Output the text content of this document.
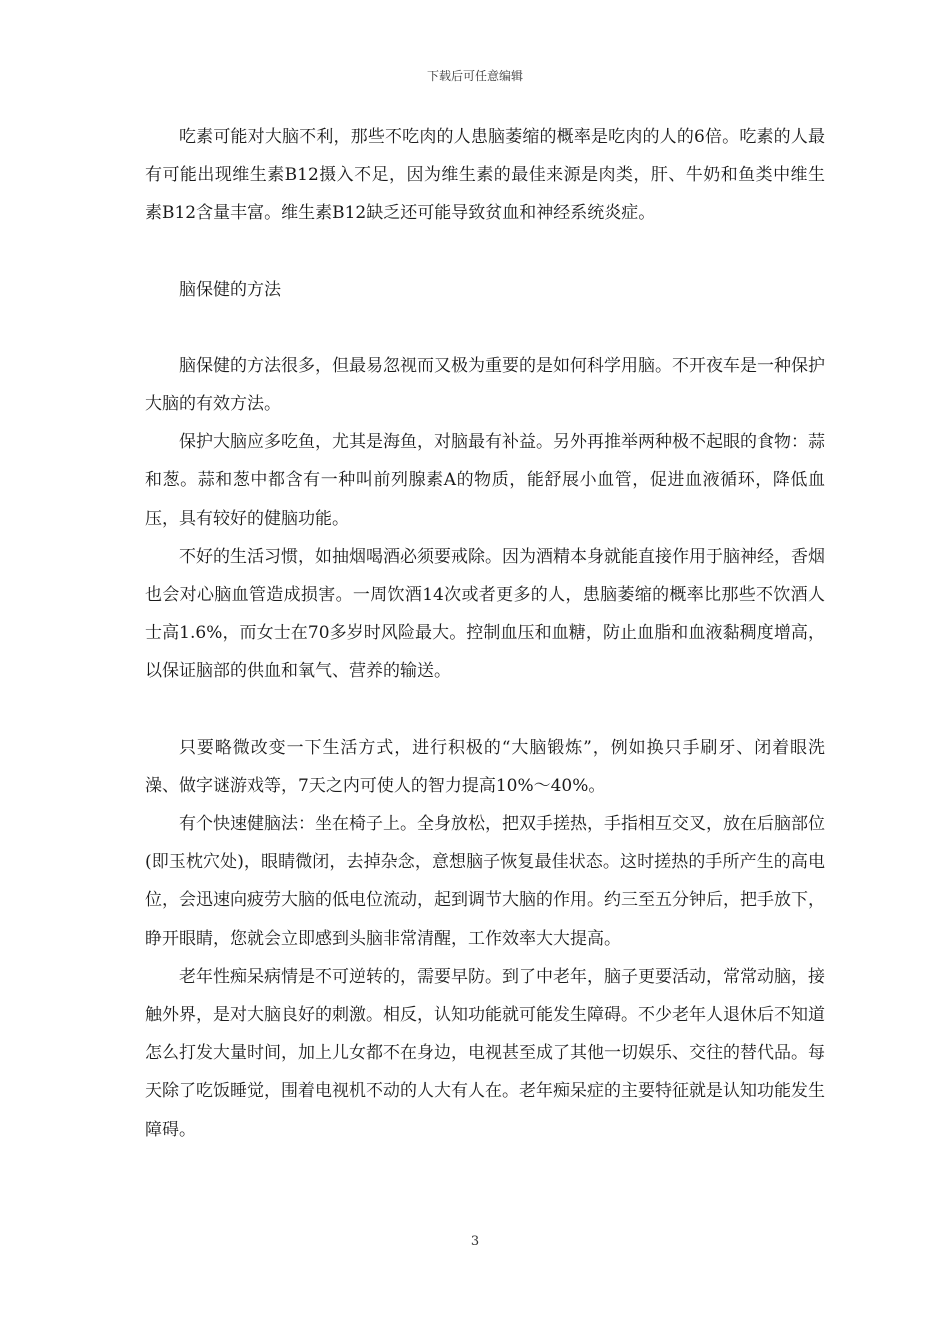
下载后可任意编辑

吃素可能对大脑不利，那些不吃肉的人患脑萎缩的概率是吃肉的人的6倍。吃素的人最有可能出现维生素B12摄入不足，因为维生素的最佳来源是肉类，肝、牛奶和鱼类中维生素B12含量丰富。维生素B12缺乏还可能导致贫血和神经系统炎症。

脑保健的方法

脑保健的方法很多，但最易忽视而又极为重要的是如何科学用脑。不开夜车是一种保护大脑的有效方法。

保护大脑应多吃鱼，尤其是海鱼，对脑最有补益。另外再推举两种极不起眼的食物：蒜和葱。蒜和葱中都含有一种叫前列腺素A的物质，能舒展小血管，促进血液循环，降低血压，具有较好的健脑功能。

不好的生活习惯，如抽烟喝酒必须要戒除。因为酒精本身就能直接作用于脑神经，香烟也会对心脑血管造成损害。一周饮酒14次或者更多的人，患脑萎缩的概率比那些不饮酒人士高1.6%，而女士在70多岁时风险最大。控制血压和血糖，防止血脂和血液黏稠度增高，以保证脑部的供血和氧气、营养的输送。

只要略微改变一下生活方式，进行积极的“大脑锻炼”，例如换只手刷牙、闭着眼洗澡、做字谜游戏等，7天之内可使人的智力提高10%～40%。

有个快速健脑法：坐在椅子上。全身放松，把双手搓热，手指相互交叉，放在后脑部位(即玉枕穴处)，眼睛微闭，去掉杂念，意想脑子恢复最佳状态。这时搓热的手所产生的高电位，会迅速向疲劳大脑的低电位流动，起到调节大脑的作用。约三至五分钟后，把手放下，睁开眼睛，您就会立即感到头脑非常清醒，工作效率大大提高。

老年性痴呆病情是不可逆转的，需要早防。到了中老年，脑子更要活动，常常动脑，接触外界，是对大脑良好的刺激。相反，认知功能就可能发生障碍。不少老年人退休后不知道怎么打发大量时间，加上儿女都不在身边，电视甚至成了其他一切娱乐、交往的替代品。每天除了吃饭睡觉，围着电视机不动的人大有人在。老年痴呆症的主要特征就是认知功能发生障碍。

3
